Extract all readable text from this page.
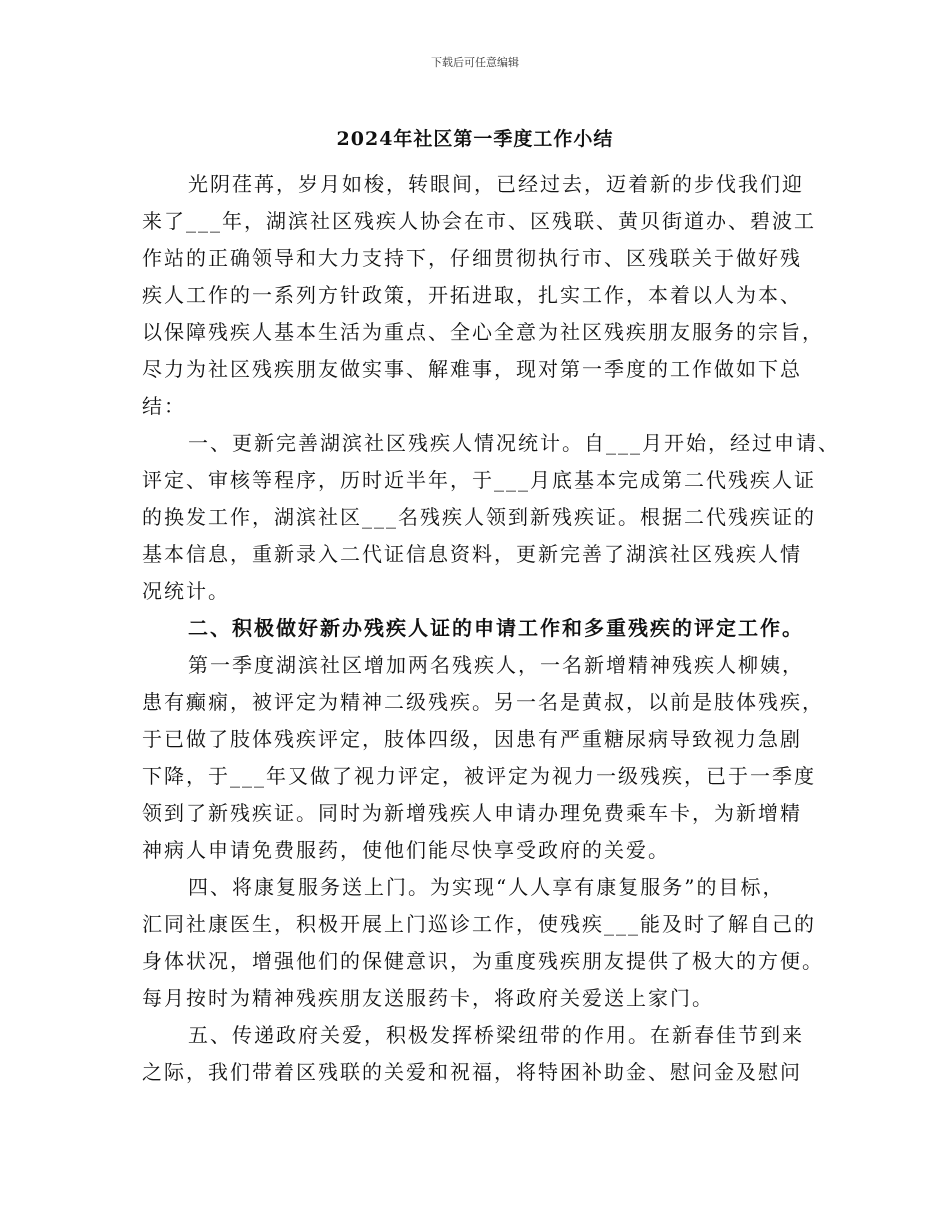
下载后可任意编辑
2024年社区第一季度工作小结
光阴荏苒，岁月如梭，转眼间，已经过去，迈着新的步伐我们迎
来了___年，湖滨社区残疾人协会在市、区残联、黄贝街道办、碧波工
作站的正确领导和大力支持下，仔细贯彻执行市、区残联关于做好残
疾人工作的一系列方针政策，开拓进取，扎实工作，本着以人为本、
以保障残疾人基本生活为重点、全心全意为社区残疾朋友服务的宗旨，
尽力为社区残疾朋友做实事、解难事，现对第一季度的工作做如下总
结：
一、更新完善湖滨社区残疾人情况统计。自___月开始，经过申请、
评定、审核等程序，历时近半年，于___月底基本完成第二代残疾人证
的换发工作，湖滨社区___名残疾人领到新残疾证。根据二代残疾证的
基本信息，重新录入二代证信息资料，更新完善了湖滨社区残疾人情
况统计。
二、积极做好新办残疾人证的申请工作和多重残疾的评定工作。
第一季度湖滨社区增加两名残疾人，一名新增精神残疾人柳姨，
患有癫痫，被评定为精神二级残疾。另一名是黄叔，以前是肢体残疾，
于已做了肢体残疾评定，肢体四级，因患有严重糖尿病导致视力急剧
下降，于___年又做了视力评定，被评定为视力一级残疾，已于一季度
领到了新残疾证。同时为新增残疾人申请办理免费乘车卡，为新增精
神病人申请免费服药，使他们能尽快享受政府的关爱。
四、将康复服务送上门。为实现“人人享有康复服务”的目标，
汇同社康医生，积极开展上门巡诊工作，使残疾___能及时了解自己的
身体状况，增强他们的保健意识，为重度残疾朋友提供了极大的方便。
每月按时为精神残疾朋友送服药卡，将政府关爱送上家门。
五、传递政府关爱，积极发挥桥梁纽带的作用。在新春佳节到来
之际，我们带着区残联的关爱和祝福，将特困补助金、慰问金及慰问
